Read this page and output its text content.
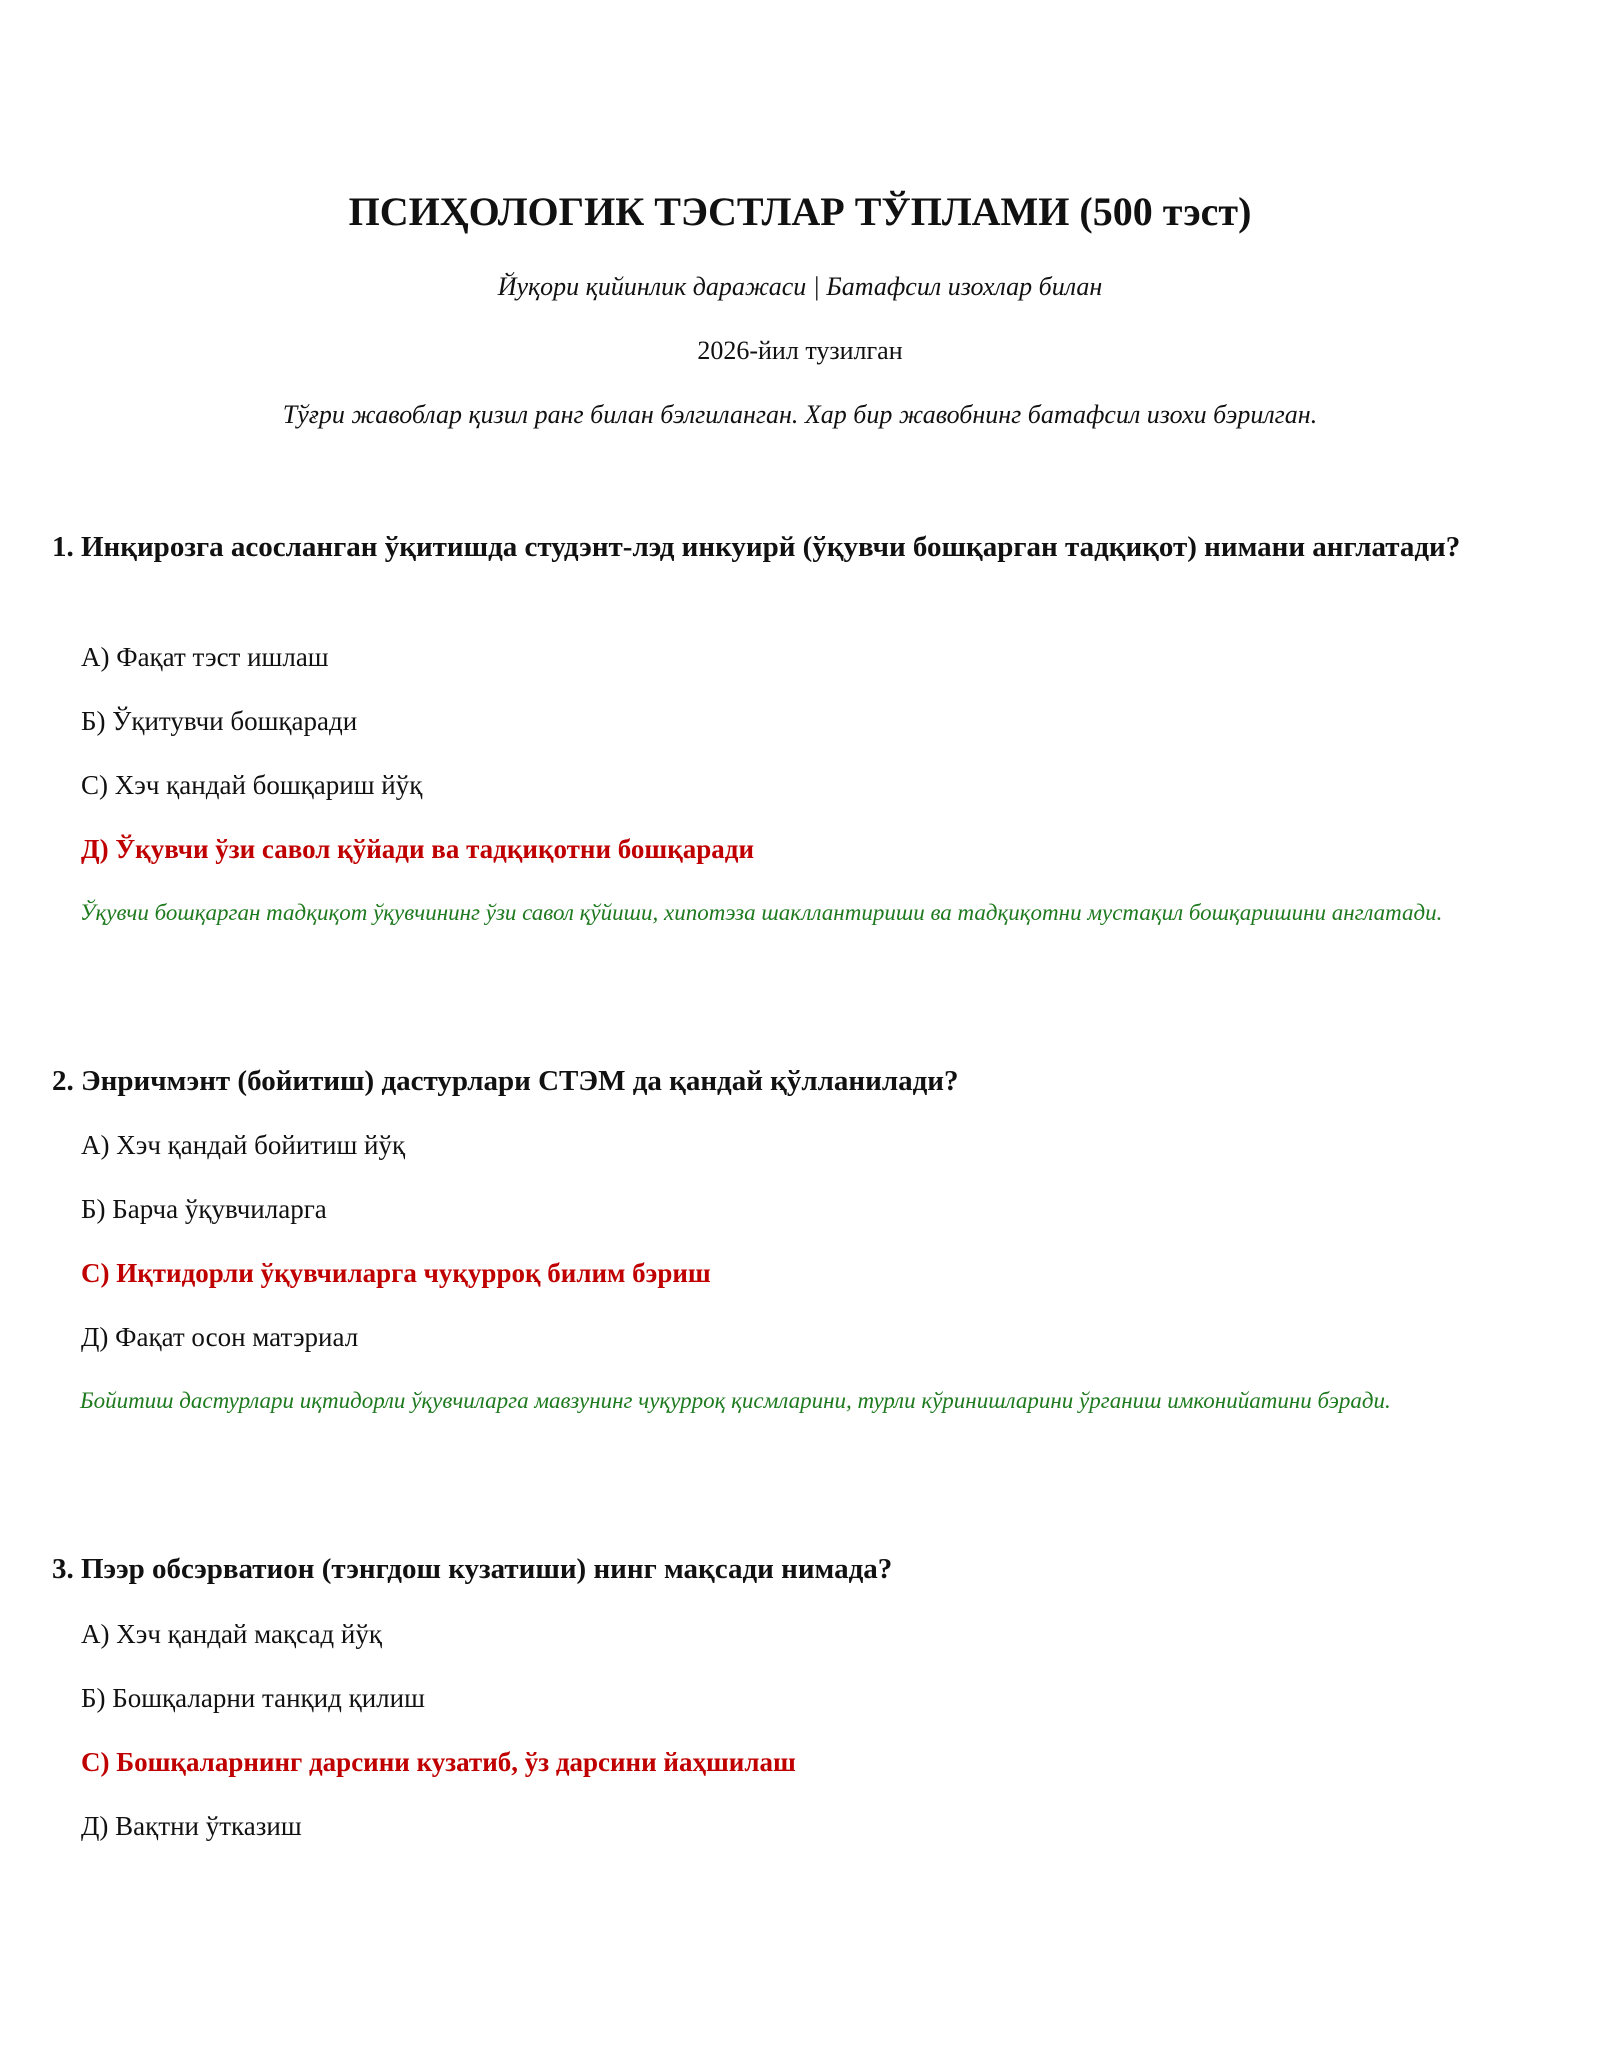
ПСИҲОЛОГИК ТЭСТЛАР ТЎПЛАМИ (500 тэст)

Йуқори қийинлик даражаси | Батафсил изохлар билан

2026-йил тузилган

Тўғри жавоблар қизил ранг билан бэлгиланган. Хар бир жавобнинг батафсил изохи бэрилган.

1. Инқирозга асосланган ўқитишда студэнт-лэд инкуирй (ўқувчи бошқарган тадқиқот) нимани англатади?

А) Фақат тэст ишлаш

Б) Ўқитувчи бошқаради

С) Хэч қандай бошқариш йўқ

Д) Ўқувчи ўзи савол қўйади ва тадқиқотни бошқаради

Ўқувчи бошқарган тадқиқот ўқувчининг ўзи савол қўйиши, хипотэза шакллантириши ва тадқиқотни мустақил бошқаришини англатади.

2. Энричмэнт (бойитиш) дастурлари СТЭМ да қандай қўлланилади?

А) Хэч қандай бойитиш йўқ

Б) Барча ўқувчиларга

С) Иқтидорли ўқувчиларга чуқурроқ билим бэриш

Д) Фақат осон матэриал

Бойитиш дастурлари иқтидорли ўқувчиларга мавзунинг чуқурроқ қисмларини, турли кўринишларини ўрганиш имконийатини бэради.

3. Пээр обсэрватион (тэнгдош кузатиши) нинг мақсади нимада?

А) Хэч қандай мақсад йўқ

Б) Бошқаларни танқид қилиш

С) Бошқаларнинг дарсини кузатиб, ўз дарсини йаҳшилаш

Д) Вақтни ўтказиш
